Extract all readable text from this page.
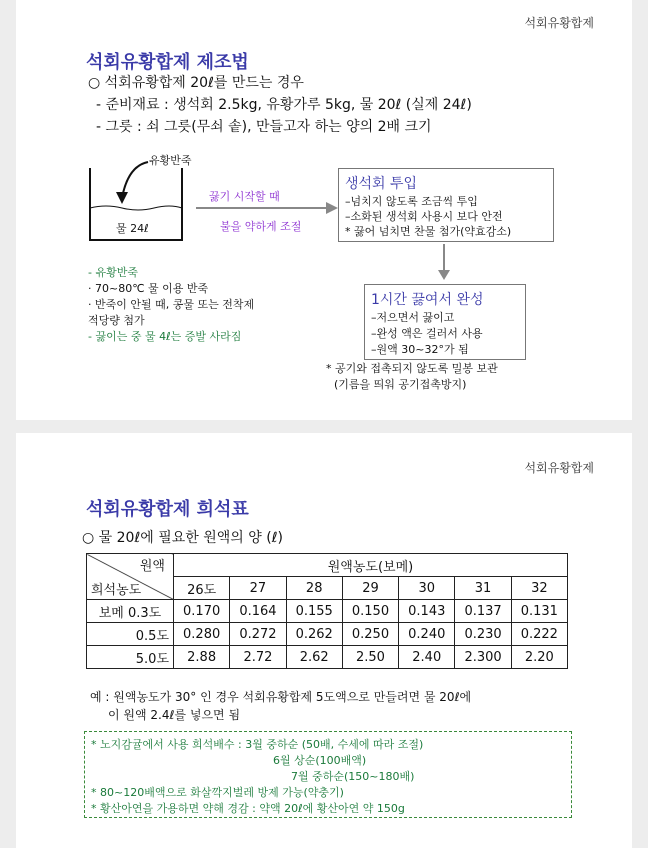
석회유황합제
석회유황합제 제조법
○ 석회유황합제 20ℓ를 만드는 경우
- 준비재료 : 생석회 2.5kg, 유황가루 5kg, 물 20ℓ (실제 24ℓ)
- 그릇 : 쇠 그릇(무쇠 솥), 만들고자 하는 양의 2배 크기
유황반죽
물 24ℓ
끓기 시작할 때
불을 약하게 조절
생석회 투입
–넘치지 않도록 조금씩 투입
–소화된 생석회 사용시 보다 안전
* 끓어 넘치면 찬물 첨가(약효감소)
1시간 끓여서 완성
–저으면서 끓이고
–완성 액은 걸러서 사용
–원액 30~32°가 됨
- 유황반죽
· 70~80℃ 물 이용 반죽
· 반죽이 안될 때, 콩물 또는 전착제
적당량 첨가
- 끓이는 중 물 4ℓ는 증발 사라짐
* 공기와 접촉되지 않도록 밀봉 보관
(기름을 띄워 공기접촉방지)
석회유황합제
석회유황합제 희석표
○ 물 20ℓ에 필요한 원액의 양 (ℓ)
원액
희석농도	원액농도(보메)						
	26도	27	28	29	30	31	32
보메 0.3도	0.170	0.164	0.155	0.150	0.143	0.137	0.131
0.5도	0.280	0.272	0.262	0.250	0.240	0.230	0.222
5.0도	2.88	2.72	2.62	2.50	2.40	2.300	2.20
예 : 원액농도가 30° 인 경우 석회유황합제 5도액으로 만들려면 물 20ℓ에
이 원액 2.4ℓ를 넣으면 됨
* 노지감귤에서 사용 희석배수 : 3월 중하순 (50배, 수세에 따라 조절)
6월 상순(100배액)
7월 중하순(150~180배)
* 80~120배액으로 화살깍지벌레 방제 가능(약충기)
* 황산아연을 가용하면 약해 경감 : 약액 20ℓ에 황산아연 약 150g
